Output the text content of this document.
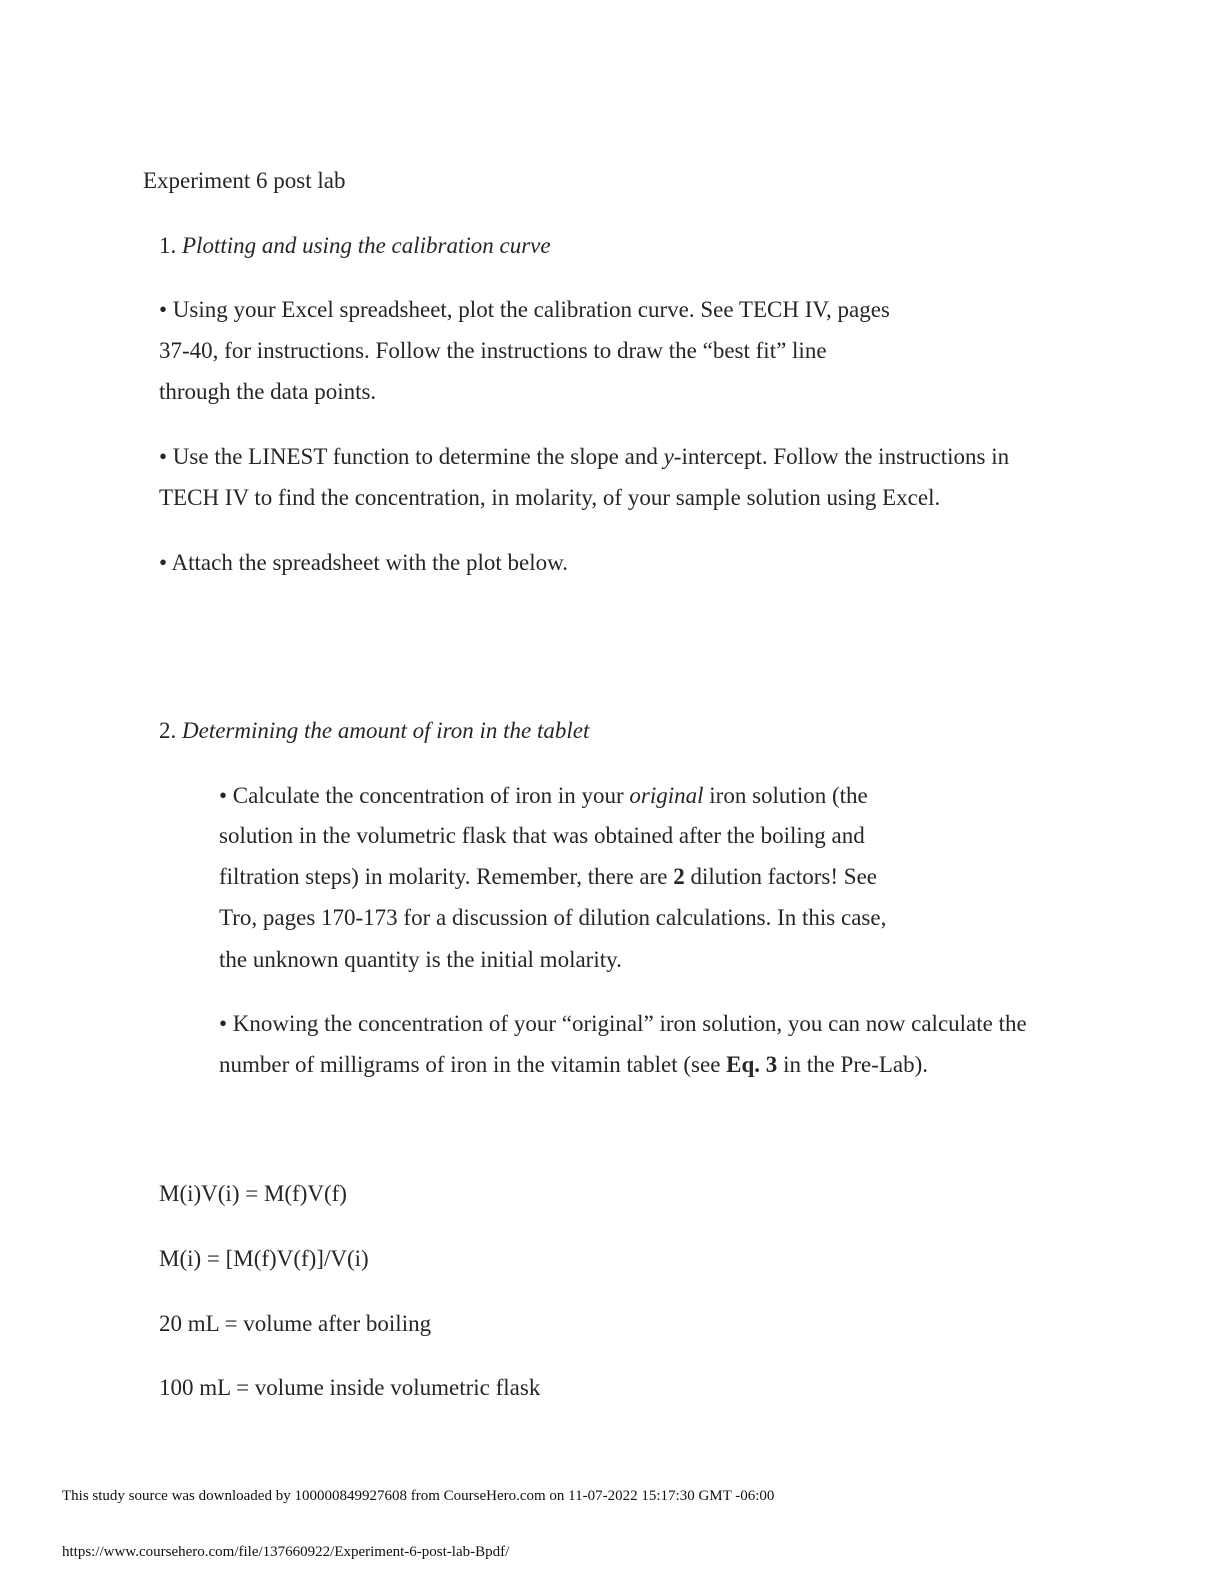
Experiment 6 post lab
1. Plotting and using the calibration curve
• Using your Excel spreadsheet, plot the calibration curve. See TECH IV, pages
37-40, for instructions. Follow the instructions to draw the “best fit” line
through the data points.
• Use the LINEST function to determine the slope and y-intercept. Follow the instructions in
TECH IV to find the concentration, in molarity, of your sample solution using Excel.
• Attach the spreadsheet with the plot below.
2. Determining the amount of iron in the tablet
• Calculate the concentration of iron in your original iron solution (the
solution in the volumetric flask that was obtained after the boiling and
filtration steps) in molarity. Remember, there are 2 dilution factors! See
Tro, pages 170-173 for a discussion of dilution calculations. In this case,
the unknown quantity is the initial molarity.
• Knowing the concentration of your “original” iron solution, you can now calculate the
number of milligrams of iron in the vitamin tablet (see Eq. 3 in the Pre-Lab).
M(i)V(i) = M(f)V(f)
M(i) = [M(f)V(f)]/V(i)
20 mL = volume after boiling
100 mL = volume inside volumetric flask
This study source was downloaded by 100000849927608 from CourseHero.com on 11-07-2022 15:17:30 GMT -06:00
https://www.coursehero.com/file/137660922/Experiment-6-post-lab-Bpdf/
